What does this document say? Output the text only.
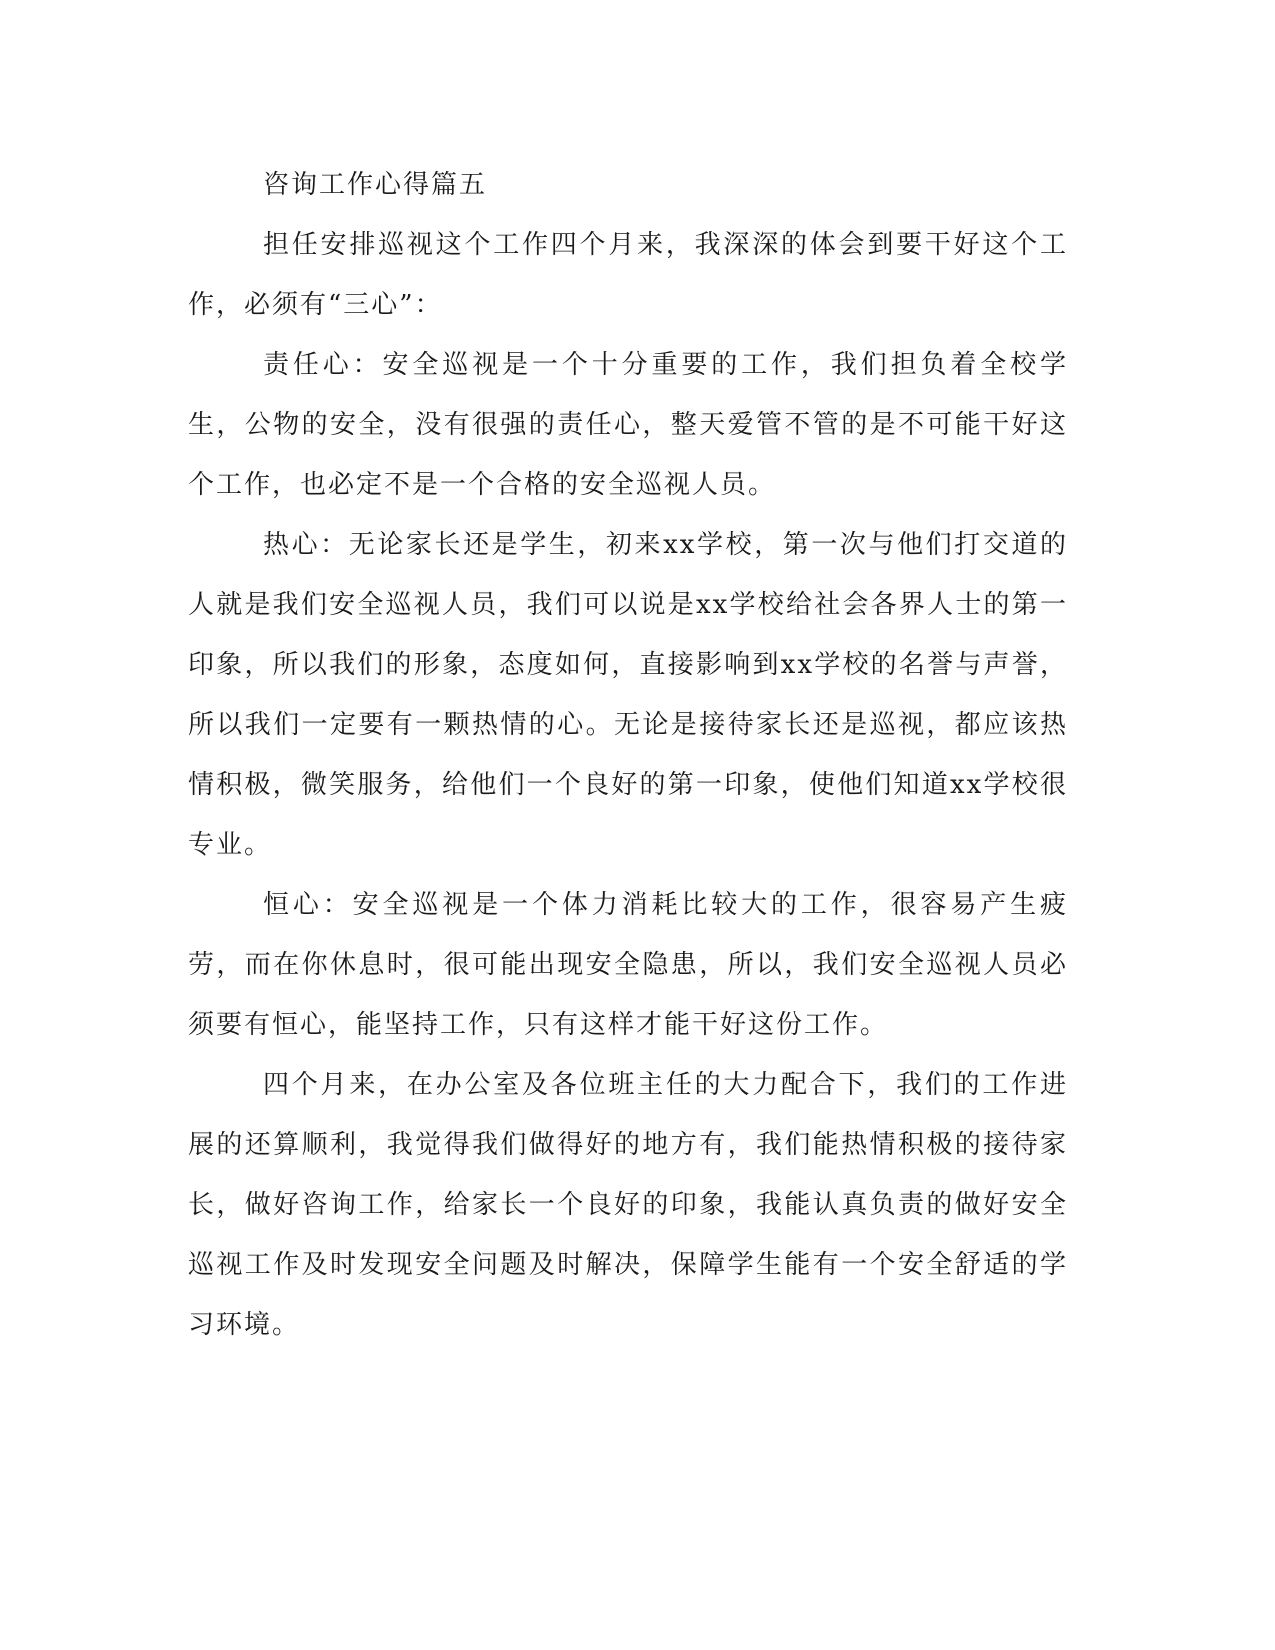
咨询工作心得篇五

担任安排巡视这个工作四个月来，我深深的体会到要干好这个工作，必须有“三心”：

责任心：安全巡视是一个十分重要的工作，我们担负着全校学生，公物的安全，没有很强的责任心，整天爱管不管的是不可能干好这个工作，也必定不是一个合格的安全巡视人员。

热心：无论家长还是学生，初来xx学校，第一次与他们打交道的人就是我们安全巡视人员，我们可以说是xx学校给社会各界人士的第一印象，所以我们的形象，态度如何，直接影响到xx学校的名誉与声誉，所以我们一定要有一颗热情的心。无论是接待家长还是巡视，都应该热情积极，微笑服务，给他们一个良好的第一印象，使他们知道xx学校很专业。

恒心：安全巡视是一个体力消耗比较大的工作，很容易产生疲劳，而在你休息时，很可能出现安全隐患，所以，我们安全巡视人员必须要有恒心，能坚持工作，只有这样才能干好这份工作。

四个月来，在办公室及各位班主任的大力配合下，我们的工作进展的还算顺利，我觉得我们做得好的地方有，我们能热情积极的接待家长，做好咨询工作，给家长一个良好的印象，我能认真负责的做好安全巡视工作及时发现安全问题及时解决，保障学生能有一个安全舒适的学习环境。
